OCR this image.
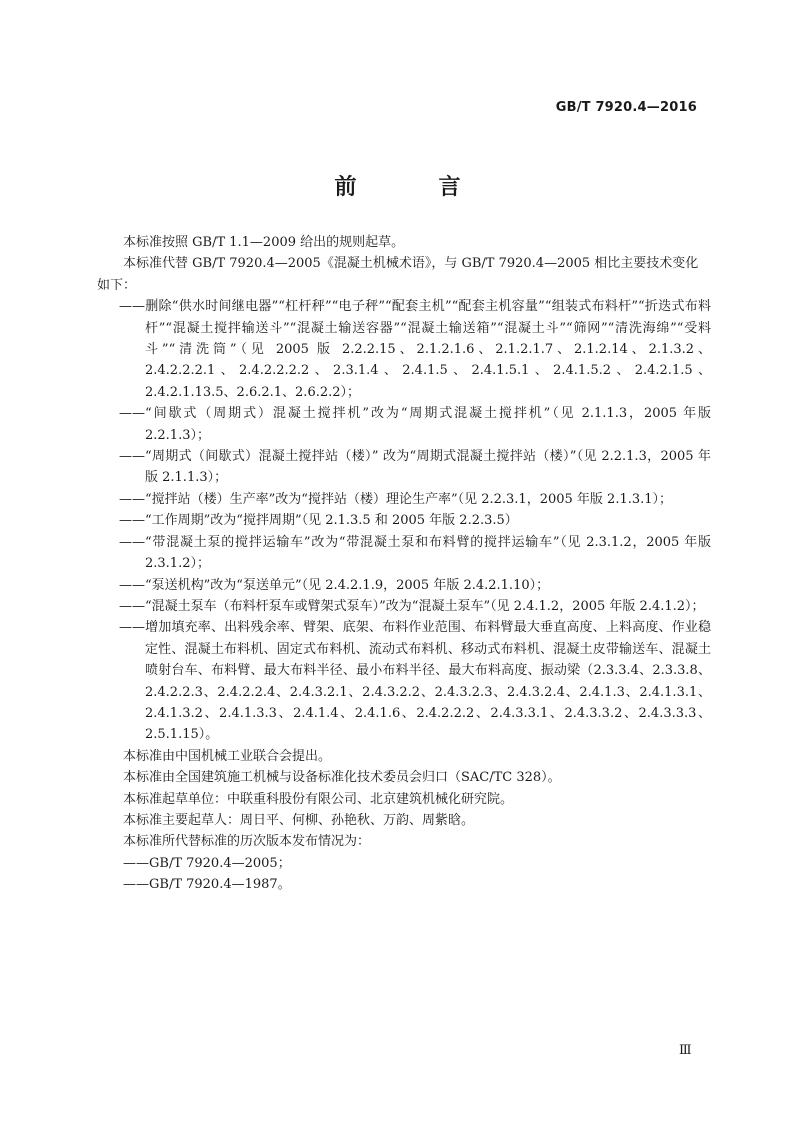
GB/T 7920.4—2016
前　言

本标准按照 GB/T 1.1—2009 给出的规则起草。

本标准代替 GB/T 7920.4—2005《混凝土机械术语》，与 GB/T 7920.4—2005 相比主要技术变化如下：

——删除“供水时间继电器”“杠杆秤”“电子秤”“配套主机”“配套主机容量”“组装式布料杆”“折迭式布料杆”“混凝土搅拌输送斗”“混凝土输送容器”“混凝土输送箱”“混凝土斗”“筛网”“清洗海绵”“受料斗”“清洗筒”（见 2005 版 2.2.2.15、2.1.2.1.6、2.1.2.1.7、2.1.2.14、2.1.3.2、2.4.2.2.2.1、2.4.2.2.2.2、2.3.1.4、2.4.1.5、2.4.1.5.1、2.4.1.5.2、2.4.2.1.5、2.4.2.1.13.5、2.6.2.1、2.6.2.2）；

——“间歇式（周期式）混凝土搅拌机”改为“周期式混凝土搅拌机”（见 2.1.1.3，2005 年版 2.2.1.3）；

——“周期式（间歇式）混凝土搅拌站（楼）” 改为“周期式混凝土搅拌站（楼）”（见 2.2.1.3，2005 年版 2.1.1.3）；

——“搅拌站（楼）生产率”改为“搅拌站（楼）理论生产率”（见 2.2.3.1，2005 年版 2.1.3.1）；

——“工作周期”改为“搅拌周期”（见 2.1.3.5 和 2005 年版 2.2.3.5）

——“带混凝土泵的搅拌运输车”改为“带混凝土泵和布料臂的搅拌运输车”（见 2.3.1.2，2005 年版 2.3.1.2）；

——“泵送机构”改为“泵送单元”（见 2.4.2.1.9，2005 年版 2.4.2.1.10）；

——“混凝土泵车（布料杆泵车或臂架式泵车）”改为“混凝土泵车”（见 2.4.1.2，2005 年版 2.4.1.2）；

——增加填充率、出料残余率、臂架、底架、布料作业范围、布料臂最大垂直高度、上料高度、作业稳定性、混凝土布料机、固定式布料机、流动式布料机、移动式布料机、混凝土皮带输送车、混凝土喷射台车、布料臂、最大布料半径、最小布料半径、最大布料高度、振动梁（2.3.3.4、2.3.3.8、2.4.2.2.3、2.4.2.2.4、2.4.3.2.1、2.4.3.2.2、2.4.3.2.3、2.4.3.2.4、2.4.1.3、2.4.1.3.1、2.4.1.3.2、2.4.1.3.3、2.4.1.4、2.4.1.6、2.4.2.2.2、2.4.3.3.1、2.4.3.3.2、2.4.3.3.3、2.5.1.15）。

本标准由中国机械工业联合会提出。

本标准由全国建筑施工机械与设备标准化技术委员会归口（SAC/TC 328）。

本标准起草单位：中联重科股份有限公司、北京建筑机械化研究院。

本标准主要起草人：周日平、何柳、孙艳秋、万韵、周紫晗。

本标准所代替标准的历次版本发布情况为：

——GB/T 7920.4—2005；

——GB/T 7920.4—1987。

Ⅲ
